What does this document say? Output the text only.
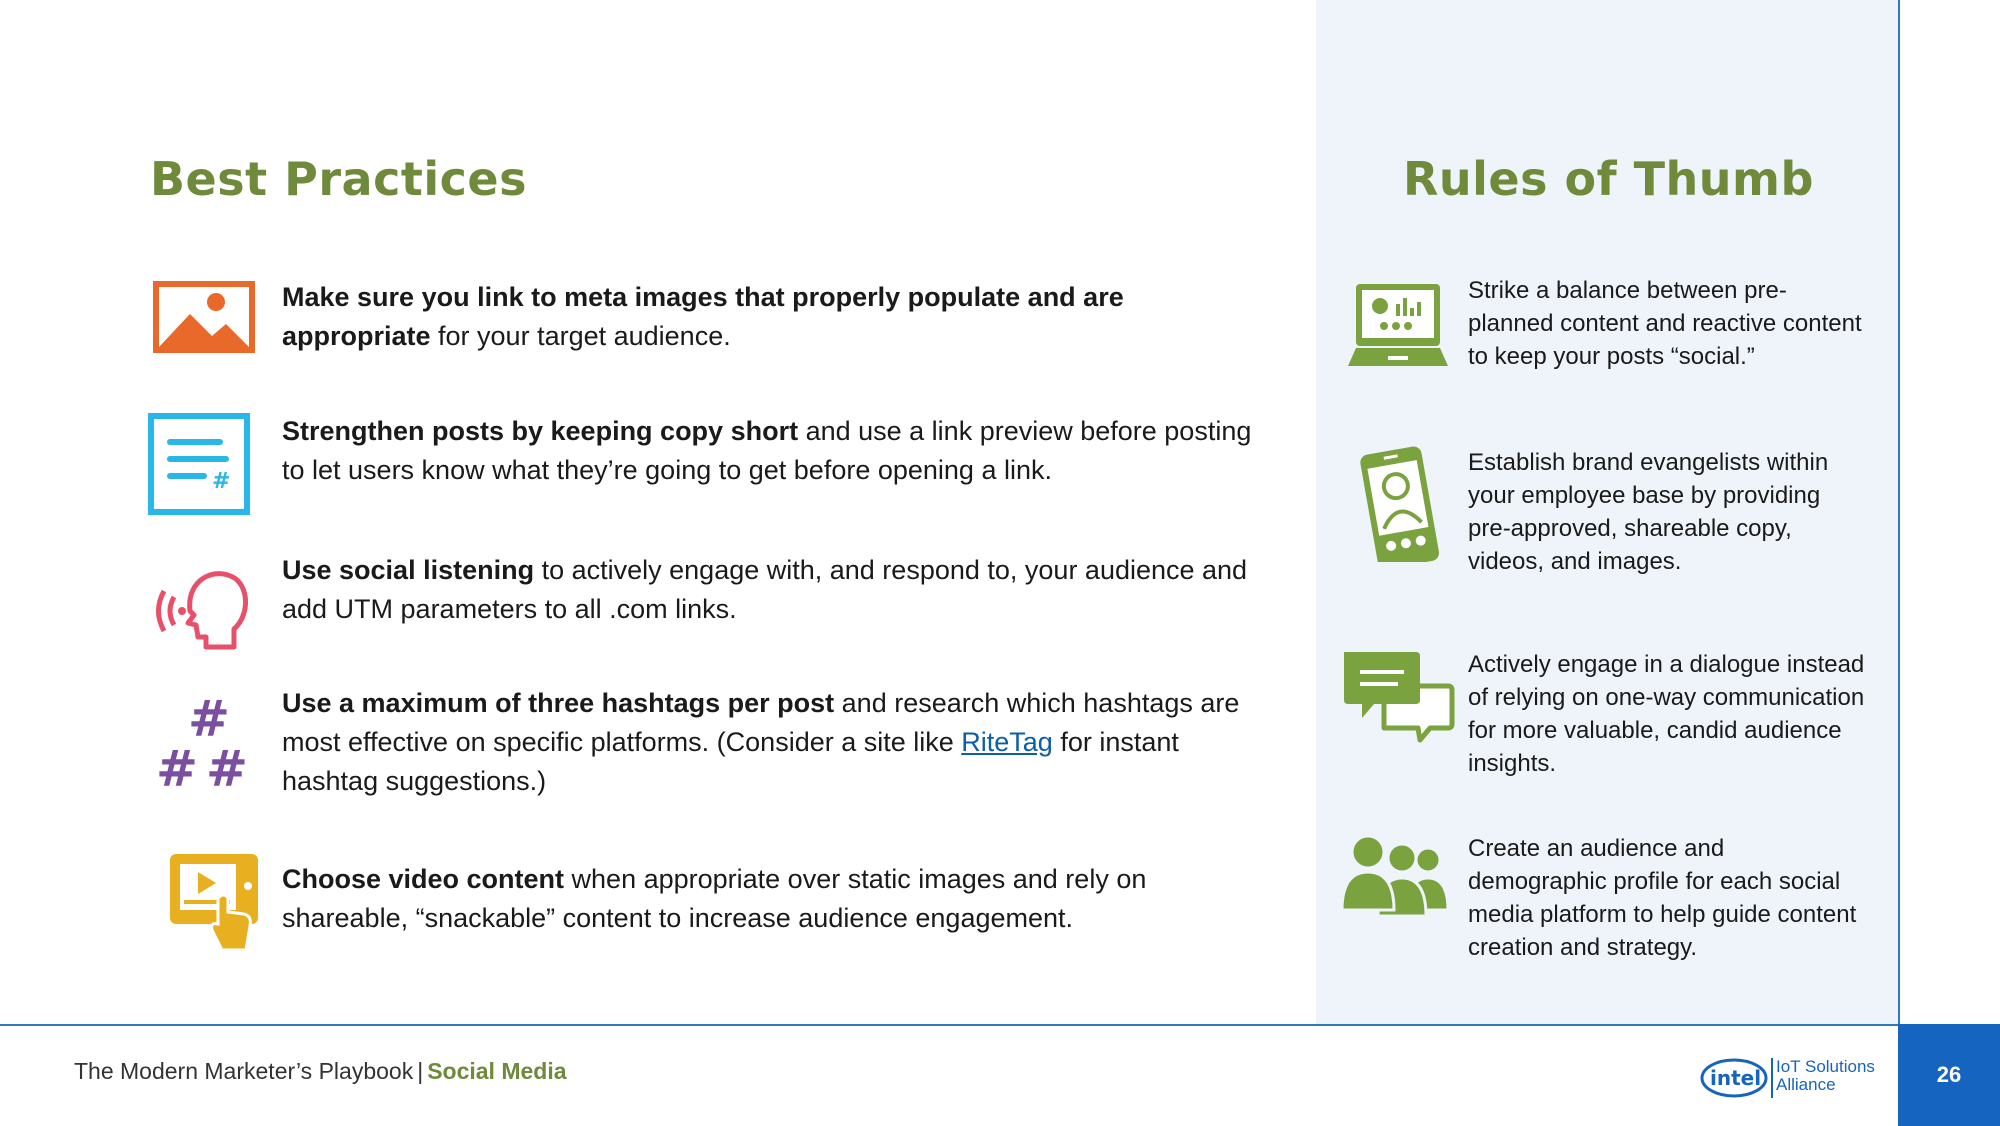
Best Practices	Rules of Thumb
Make sure you link to meta images that properly populate and are appropriate for your target audience.
#
Strengthen posts by keeping copy short and use a link preview before posting to let users know what they’re going to get before opening a link.
Use social listening to actively engage with, and respond to, your audience and add UTM parameters to all .com links.
#
# #
Use a maximum of three hashtags per post and research which hashtags are most effective on specific platforms. (Consider a site like RiteTag for instant hashtag suggestions.)
Choose video content when appropriate over static images and rely on shareable, “snackable” content to increase audience engagement.
Strike a balance between pre-planned content and reactive content to keep your posts “social.”
Establish brand evangelists within your employee base by providing pre-approved, shareable copy, videos, and images.
Actively engage in a dialogue instead of relying on one-way communication for more valuable, candid audience insights.
Create an audience and demographic profile for each social media platform to help guide content creation and strategy.
The Modern Marketer’s Playbook | Social Media	intel IoT Solutions
Alliance	26
